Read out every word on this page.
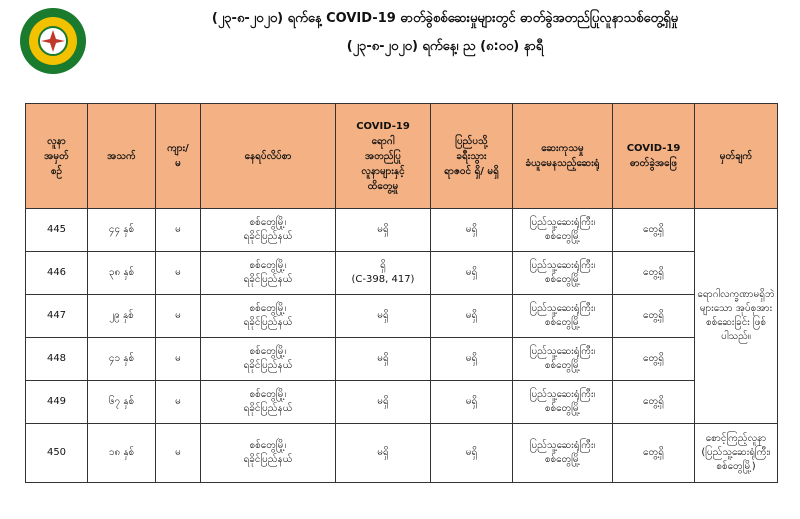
(၂၃-၈-၂၀၂၀) ရက်နေ့ COVID-19 ဓာတ်ခွဲစစ်ဆေးမှုများတွင် ဓာတ်ခွဲအတည်ပြုလူနာသစ်တွေ့ရှိမှု
(၂၃-၈-၂၀၂၀) ရက်နေ့၊ ည (၈:၀၀) နာရီ
လူနာ
အမှတ်
စဉ်	အသက်	ကျား/
မ	နေရပ်လိပ်စာ	COVID-19
ရောဂါ
အတည်ပြု
လူနာများနှင့်
ထိတွေ့မှု	ပြည်ပသို့
ခရီးသွား
ရာဇဝင် ရှိ/ မရှိ	ဆေးကုသမှု
ခံယူမေနသည့်ဆေးရုံ	COVID-19
ဓာတ်ခွဲအဖြေ	မှတ်ချက်

445	၄၄ နှစ်	မ	စစ်တွေမြို့၊
ရခိုင်ပြည်နယ်	မရှိ	မရှိ	ပြည်သူ့ဆေးရုံကြီး၊
စစ်တွေမြို့	တွေ့ရှိ	ရောဂါလက္ခဏာမရှိဘဲ
များသော အုပ်စုအား
စစ်ဆေးခြင်း ဖြစ်ပါသည်။

446	၃၈ နှစ်	မ	စစ်တွေမြို့၊
ရခိုင်ပြည်နယ်	ရှိ
(C-398, 417)	မရှိ	ပြည်သူ့ဆေးရုံကြီး၊
စစ်တွေမြို့	တွေ့ရှိ	
447	၂၉ နှစ်	မ	စစ်တွေမြို့၊
ရခိုင်ပြည်နယ်	မရှိ	မရှိ	ပြည်သူ့ဆေးရုံကြီး၊
စစ်တွေမြို့	တွေ့ရှိ	
448	၄၁ နှစ်	မ	စစ်တွေမြို့၊
ရခိုင်ပြည်နယ်	မရှိ	မရှိ	ပြည်သူ့ဆေးရုံကြီး၊
စစ်တွေမြို့	တွေ့ရှိ	
449	၆၇ နှစ်	မ	စစ်တွေမြို့၊
ရခိုင်ပြည်နယ်	မရှိ	မရှိ	ပြည်သူ့ဆေးရုံကြီး၊
စစ်တွေမြို့	တွေ့ရှိ	
450	၁၈ နှစ်	မ	စစ်တွေမြို့၊
ရခိုင်ပြည်နယ်	မရှိ	မရှိ	ပြည်သူ့ဆေးရုံကြီး၊
စစ်တွေမြို့	တွေ့ရှိ	စောင့်ကြည့်လူနာ
(ပြည်သူ့ဆေးရုံကြီး၊
စစ်တွေမြို့)
